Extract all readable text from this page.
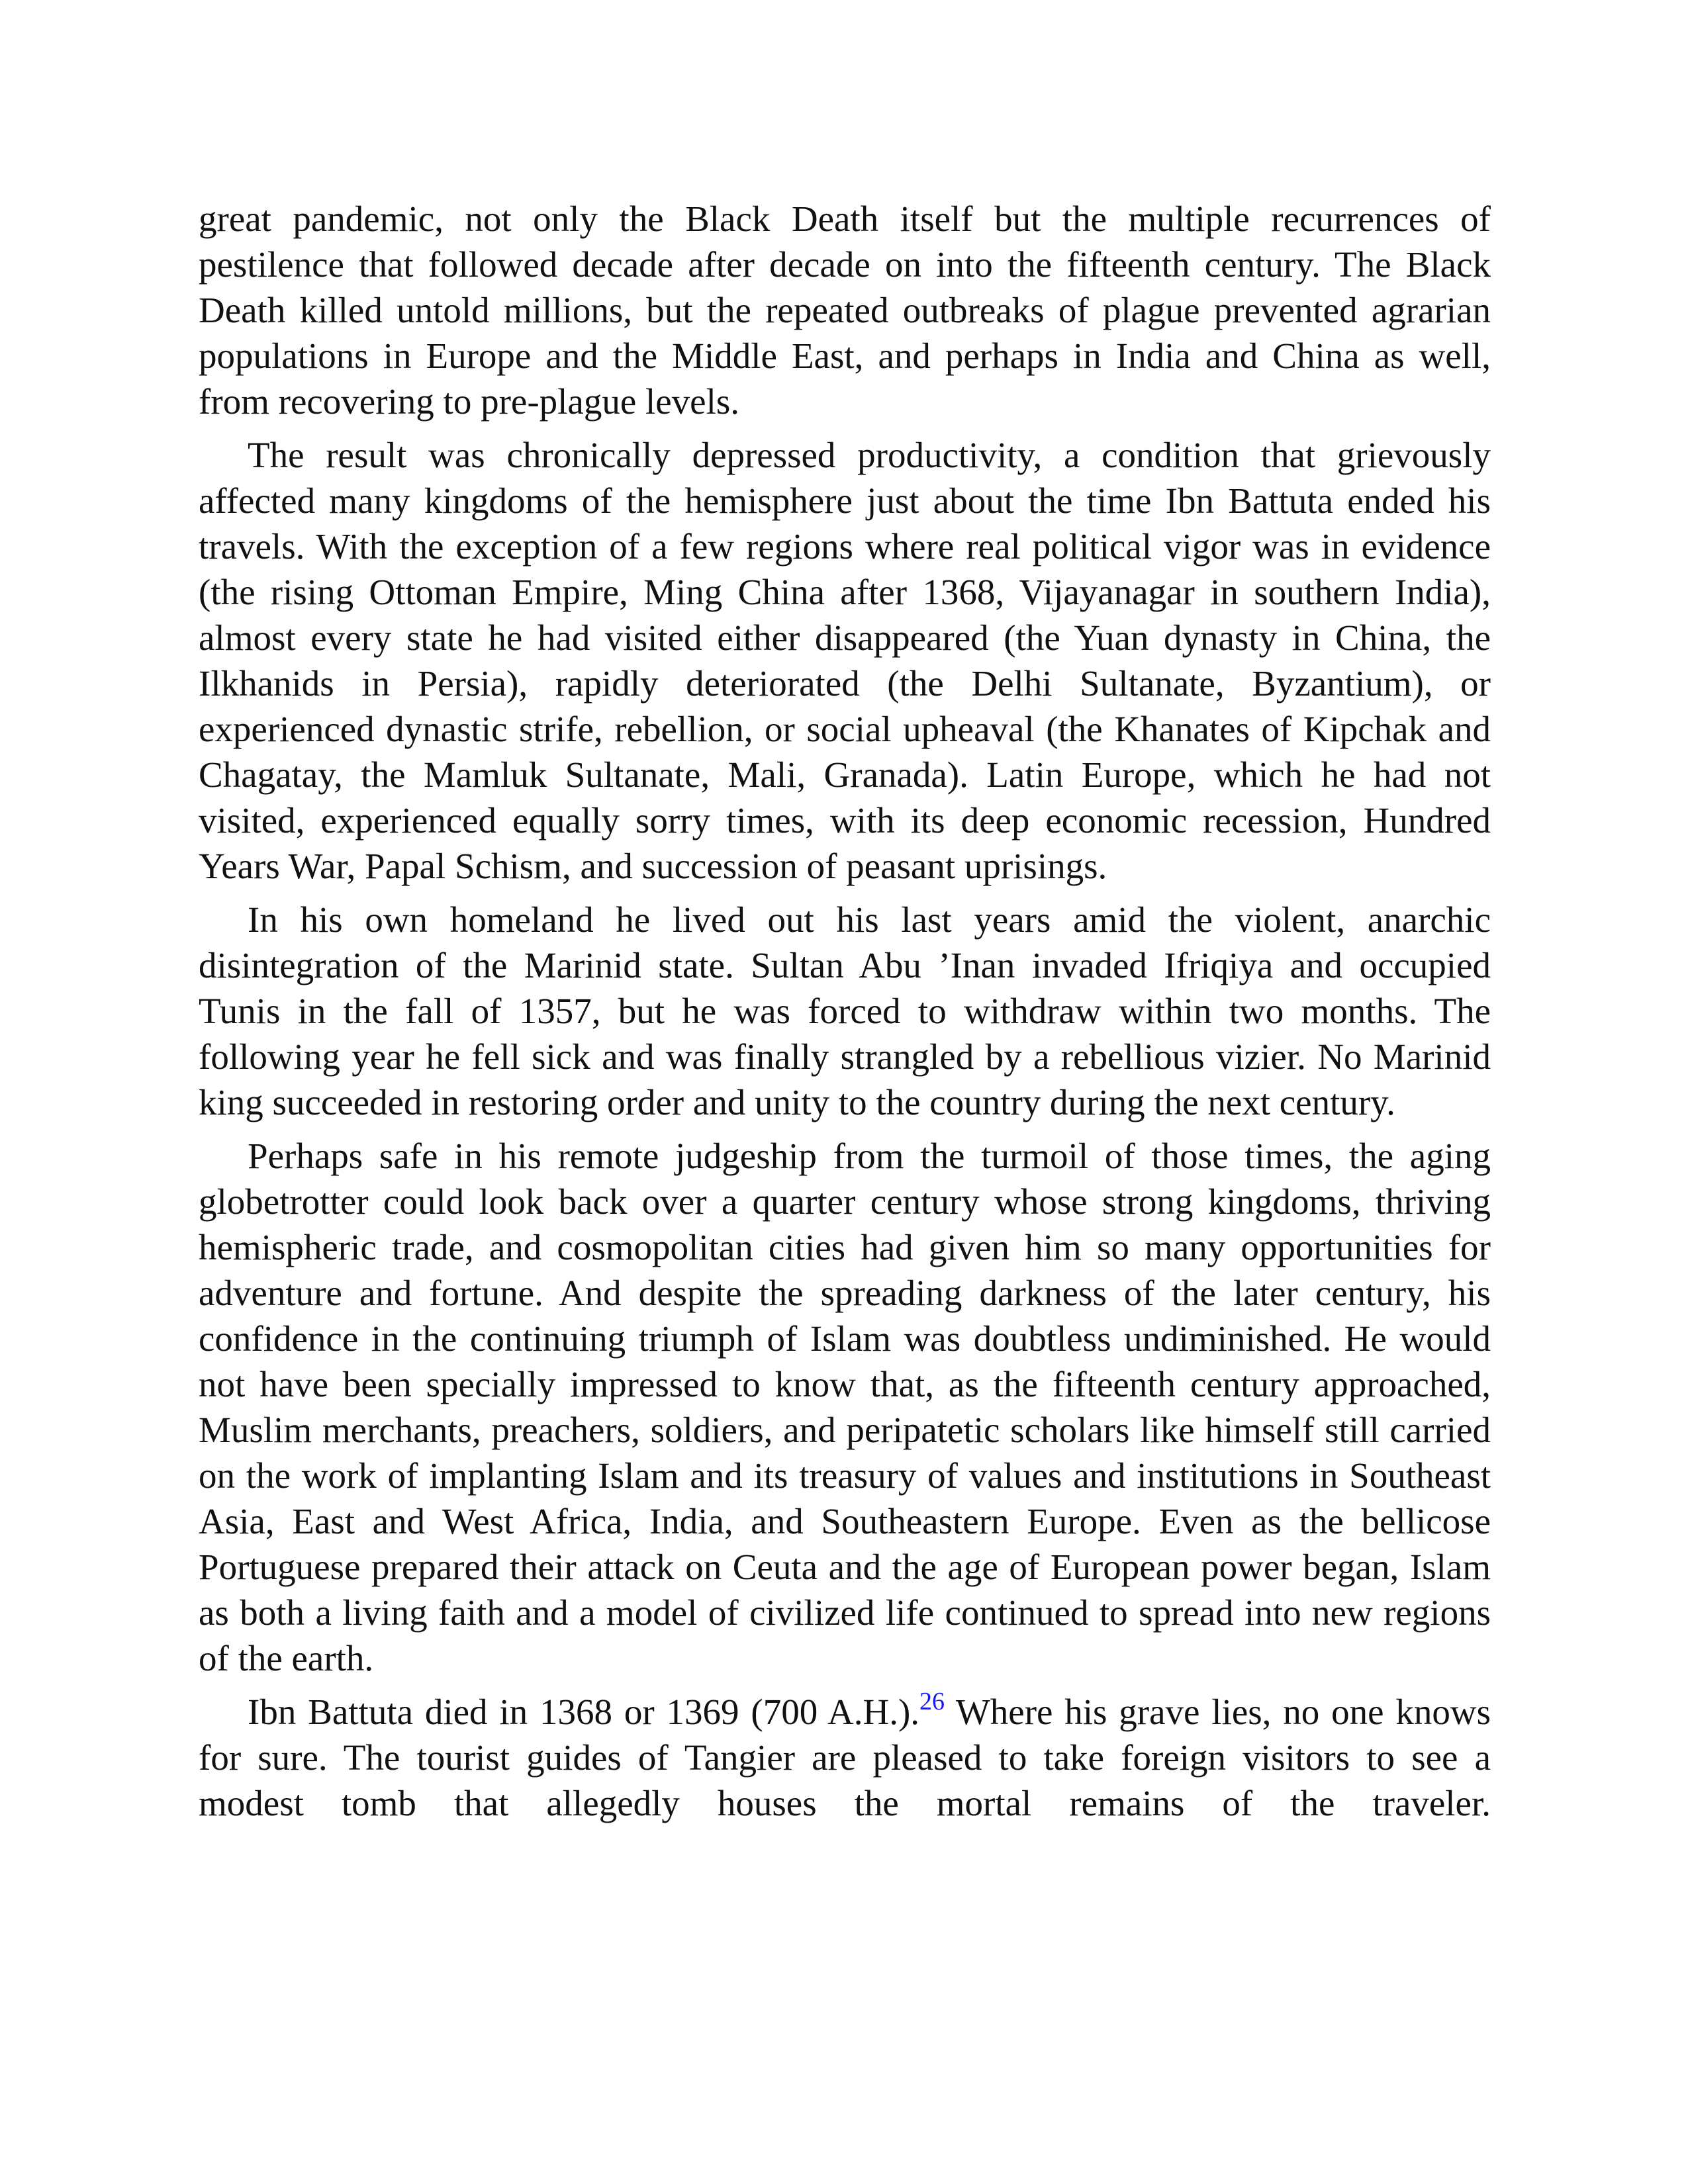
great pandemic, not only the Black Death itself but the multiple recurrences of pestilence that followed decade after decade on into the fifteenth century. The Black Death killed untold millions, but the repeated outbreaks of plague prevented agrarian populations in Europe and the Middle East, and perhaps in India and China as well, from recovering to pre-plague levels.

The result was chronically depressed productivity, a condition that grievously affected many kingdoms of the hemisphere just about the time Ibn Battuta ended his travels. With the exception of a few regions where real political vigor was in evidence (the rising Ottoman Empire, Ming China after 1368, Vijayanagar in southern India), almost every state he had visited either disappeared (the Yuan dynasty in China, the Ilkhanids in Persia), rapidly deteriorated (the Delhi Sultanate, Byzantium), or experienced dynastic strife, rebellion, or social upheaval (the Khanates of Kipchak and Chagatay, the Mamluk Sultanate, Mali, Granada). Latin Europe, which he had not visited, experienced equally sorry times, with its deep economic recession, Hundred Years War, Papal Schism, and succession of peasant uprisings.

In his own homeland he lived out his last years amid the violent, anarchic disintegration of the Marinid state. Sultan Abu ’Inan invaded Ifriqiya and occupied Tunis in the fall of 1357, but he was forced to withdraw within two months. The following year he fell sick and was finally strangled by a rebellious vizier. No Marinid king succeeded in restoring order and unity to the country during the next century.

Perhaps safe in his remote judgeship from the turmoil of those times, the aging globetrotter could look back over a quarter century whose strong kingdoms, thriving hemispheric trade, and cosmopolitan cities had given him so many opportunities for adventure and fortune. And despite the spreading darkness of the later century, his confidence in the continuing triumph of Islam was doubtless undiminished. He would not have been specially impressed to know that, as the fifteenth century approached, Muslim merchants, preachers, soldiers, and peripatetic scholars like himself still carried on the work of implanting Islam and its treasury of values and institutions in Southeast Asia, East and West Africa, India, and Southeastern Europe. Even as the bellicose Portuguese prepared their attack on Ceuta and the age of European power began, Islam as both a living faith and a model of civilized life continued to spread into new regions of the earth.

Ibn Battuta died in 1368 or 1369 (700 A.H.).$^{26}$ Where his grave lies, no one knows for sure. The tourist guides of Tangier are pleased to take foreign visitors to see a modest tomb that allegedly houses the mortal remains of the traveler.
